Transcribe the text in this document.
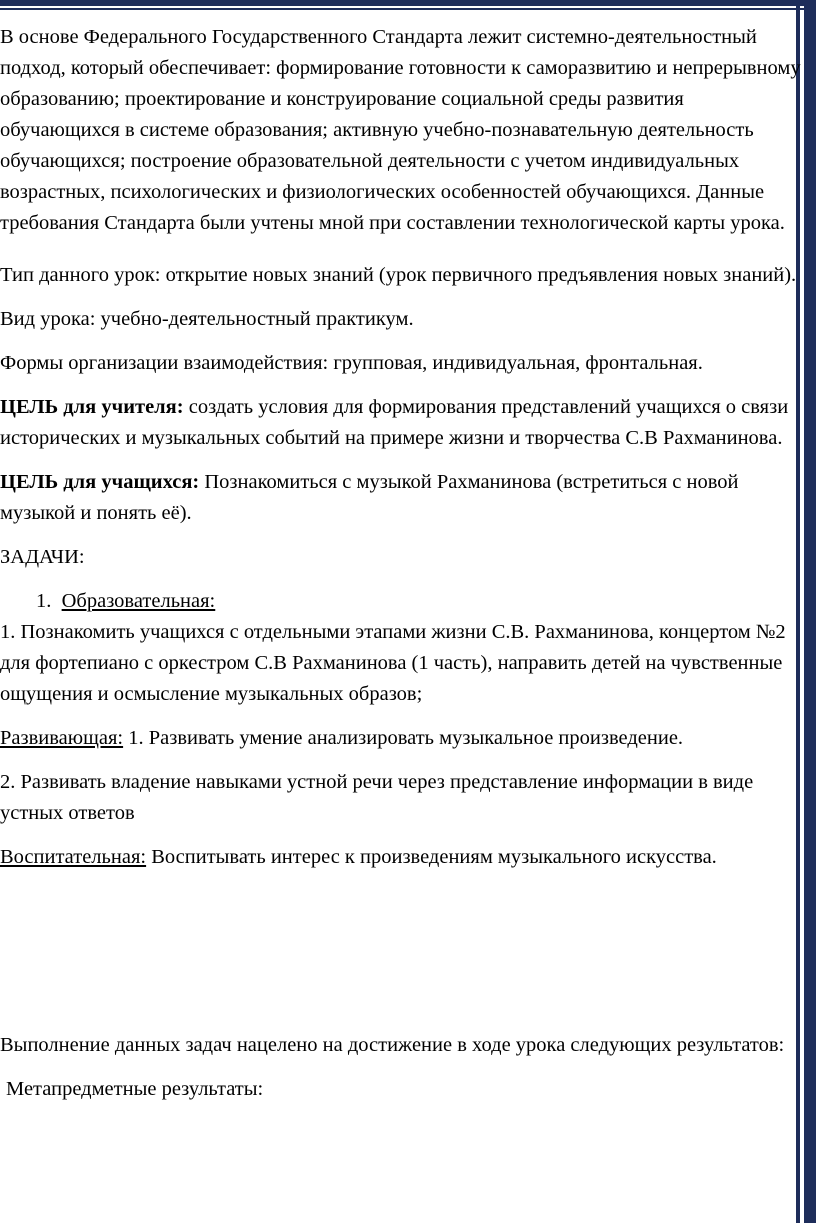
В основе Федерального Государственного Стандарта лежит системно-деятельностный подход, который обеспечивает: формирование готовности к саморазвитию и непрерывному образованию; проектирование и конструирование социальной среды развития обучающихся в системе образования; активную учебно-познавательную деятельность обучающихся; построение образовательной деятельности с учетом индивидуальных возрастных, психологических и физиологических особенностей обучающихся. Данные требования Стандарта были учтены мной при составлении технологической карты урока.

Тип данного урок: открытие новых знаний (урок первичного предъявления новых знаний).

Вид урока: учебно-деятельностный практикум.

Формы организации взаимодействия: групповая, индивидуальная, фронтальная.

ЦЕЛЬ для учителя: создать условия для формирования представлений учащихся о связи исторических и музыкальных событий на примере жизни и творчества С.В Рахманинова.

ЦЕЛЬ для учащихся: Познакомиться с музыкой Рахманинова (встретиться с новой музыкой и понять её).

ЗАДАЧИ:

1. Образовательная:

1. Познакомить учащихся с отдельными этапами жизни С.В. Рахманинова, концертом №2 для фортепиано с оркестром С.В Рахманинова (1 часть), направить детей на чувственные ощущения и осмысление музыкальных образов;

Развивающая: 1. Развивать умение анализировать музыкальное произведение.

2. Развивать владение навыками устной речи через представление информации в виде устных ответов

Воспитательная: Воспитывать интерес к произведениям музыкального искусства.

Выполнение данных задач нацелено на достижение в ходе урока следующих результатов:

Метапредметные результаты:
